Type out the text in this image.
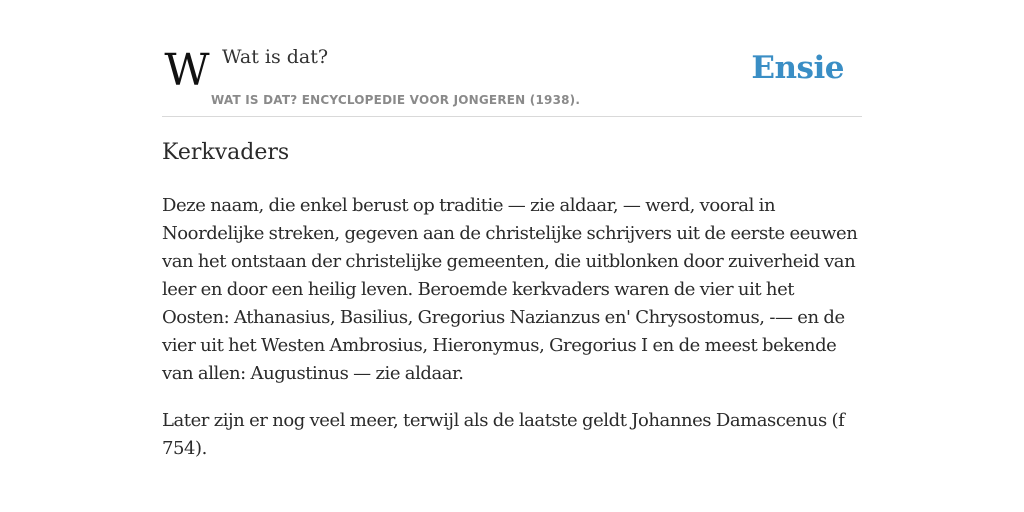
W Wat is dat?
WAT IS DAT? ENCYCLOPEDIE VOOR JONGEREN (1938).
Ensie
Kerkvaders

Deze naam, die enkel berust op traditie — zie aldaar, — werd, vooral in Noordelijke streken, gegeven aan de christelijke schrijvers uit de eerste eeuwen van het ontstaan der christelijke gemeenten, die uitblonken door zuiverheid van leer en door een heilig leven. Beroemde kerkvaders waren de vier uit het Oosten: Athanasius, Basilius, Gregorius Nazianzus en' Chrysostomus, -— en de vier uit het Westen Ambrosius, Hieronymus, Gregorius I en de meest bekende van allen: Augustinus — zie aldaar.

Later zijn er nog veel meer, terwijl als de laatste geldt Johannes Damascenus (f 754).
